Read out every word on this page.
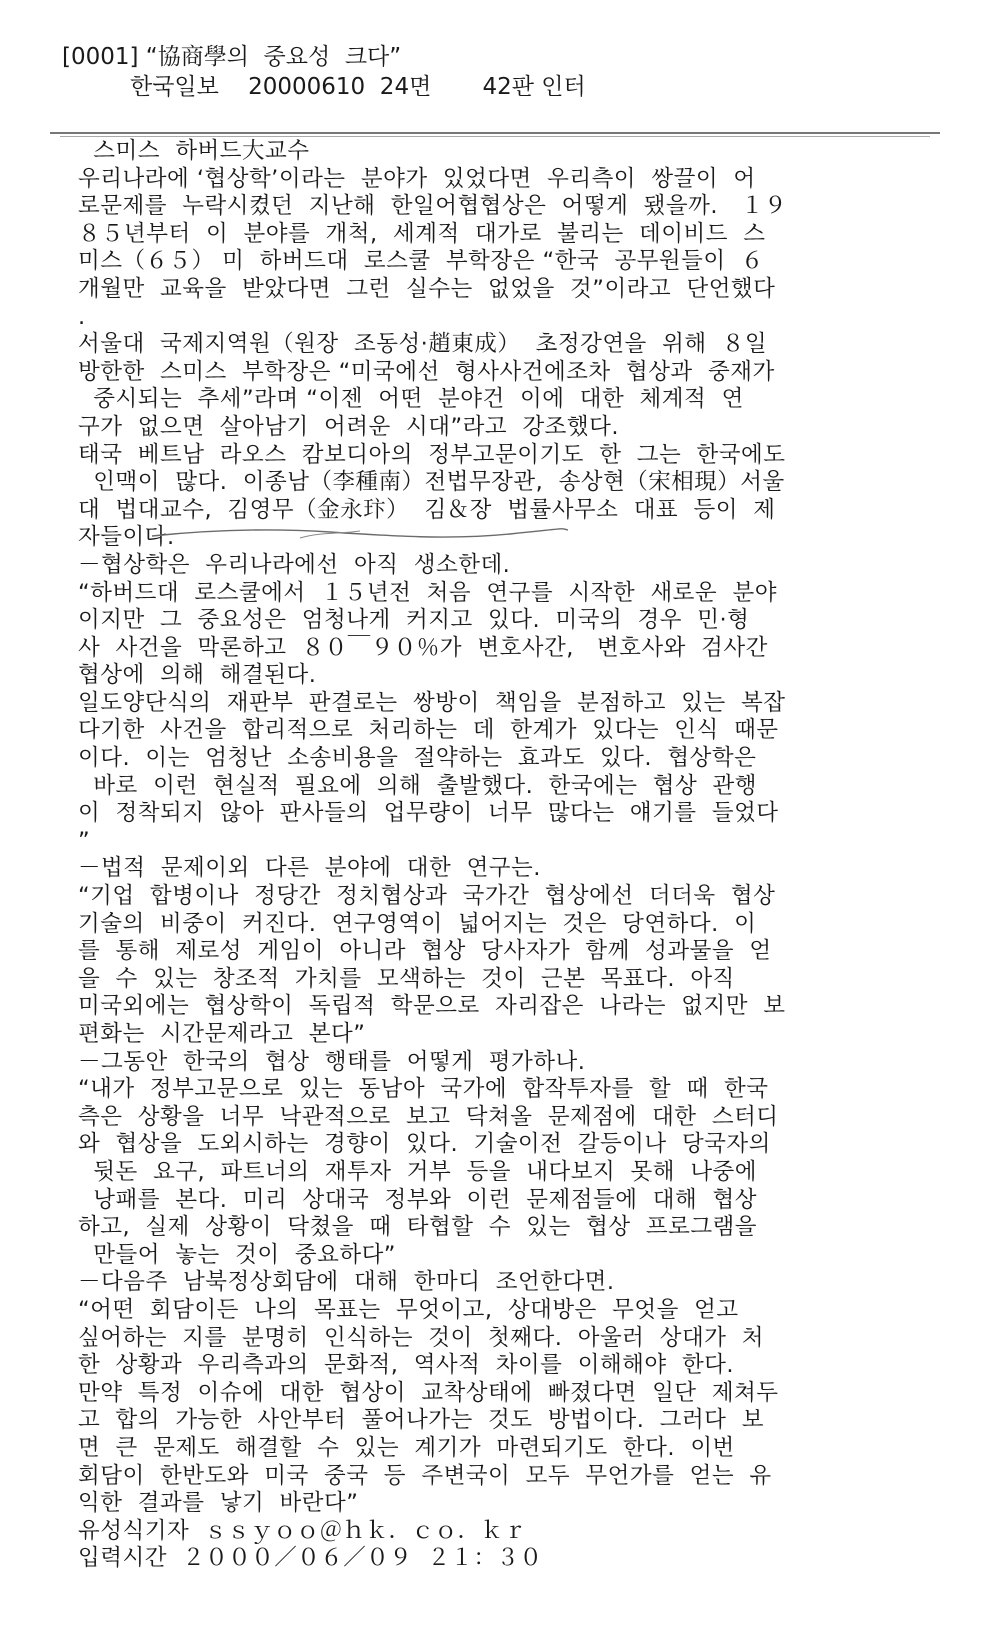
[0001] “協商學의  중요성  크다”
한국일보    20000610  24면       42판 인터

스미스  하버드大교수

우리나라에 ‘협상학’이라는  분야가  있었다면  우리측이  쌍끌이  어

로문제를  누락시켰던  지난해  한일어협협상은  어떻게  됐을까.   １９

８５년부터  이  분야를  개척,  세계적  대가로  불리는  데이비드  스

미스（６５） 미  하버드대  로스쿨  부학장은 “한국  공무원들이  ６

개월만  교육을  받았다면  그런  실수는  없었을  것”이라고  단언했다

.

서울대  국제지역원（원장  조동성·趙東成）  초정강연을  위해  ８일

방한한  스미스  부학장은 “미국에선  형사사건에조차  협상과  중재가

중시되는  추세”라며 “이젠  어떤  분야건  이에  대한  체계적  연

구가  없으면  살아남기  어려운  시대”라고  강조했다.

태국  베트남  라오스  캄보디아의  정부고문이기도  한  그는  한국에도

인맥이  많다.  이종남（李種南）전법무장관,  송상현（宋相現）서울

대  법대교수,  김영무（金永玣）  김＆장  법률사무소  대표  등이  제

자들이다.

－협상학은  우리나라에선  아직  생소한데.

“하버드대  로스쿨에서  １５년전  처음  연구를  시작한  새로운  분야

이지만  그  중요성은  엄청나게  커지고  있다.  미국의  경우  민·형

사  사건을  막론하고  ８０￣９０％가  변호사간,   변호사와  검사간

협상에  의해  해결된다.

일도양단식의  재판부  판결로는  쌍방이  책임을  분점하고  있는  복잡

다기한  사건을  합리적으로  처리하는  데  한계가  있다는  인식  때문

이다.  이는  엄청난  소송비용을  절약하는  효과도  있다.  협상학은

바로  이런  현실적  필요에  의해  출발했다.  한국에는  협상  관행

이  정착되지  않아  판사들의  업무량이  너무  많다는  얘기를  들었다

”

－법적  문제이외  다른  분야에  대한  연구는.

“기업  합병이나  정당간  정치협상과  국가간  협상에선  더더욱  협상

기술의  비중이  커진다.  연구영역이  넓어지는  것은  당연하다.  이

를  통해  제로성  게임이  아니라  협상  당사자가  함께  성과물을  얻

을  수  있는  창조적  가치를  모색하는  것이  근본  목표다.  아직

미국외에는  협상학이  독립적  학문으로  자리잡은  나라는  없지만  보

편화는  시간문제라고  본다”

－그동안  한국의  협상  행태를  어떻게  평가하나.

“내가  정부고문으로  있는  동남아  국가에  합작투자를  할  때  한국

측은  상황을  너무  낙관적으로  보고  닥쳐올  문제점에  대한  스터디

와  협상을  도외시하는  경향이  있다.  기술이전  갈등이나  당국자의

뒷돈  요구,  파트너의  재투자  거부  등을  내다보지  못해  나중에

낭패를  본다.  미리  상대국  정부와  이런  문제점들에  대해  협상

하고,  실제  상황이  닥쳤을  때  타협할  수  있는  협상  프로그램을

만들어  놓는  것이  중요하다”

－다음주  남북정상회담에  대해  한마디  조언한다면.

“어떤  회담이든  나의  목표는  무엇이고,  상대방은  무엇을  얻고

싶어하는  지를  분명히  인식하는  것이  첫째다.  아울러  상대가  처

한  상황과  우리측과의  문화적,  역사적  차이를  이해해야  한다.

만약  특정  이슈에  대한  협상이  교착상태에  빠졌다면  일단  제쳐두

고  합의  가능한  사안부터  풀어나가는  것도  방법이다.  그러다  보

면  큰  문제도  해결할  수  있는  계기가  마련되기도  한다.  이번

회담이  한반도와  미국  중국  등  주변국이  모두  무언가를  얻는  유

익한  결과를  낳기  바란다”

유성식기자  ｓｓｙｏｏ＠ｈｋ．ｃｏ．ｋｒ

입력시간  ２０００／０６／０９  ２１：３０
